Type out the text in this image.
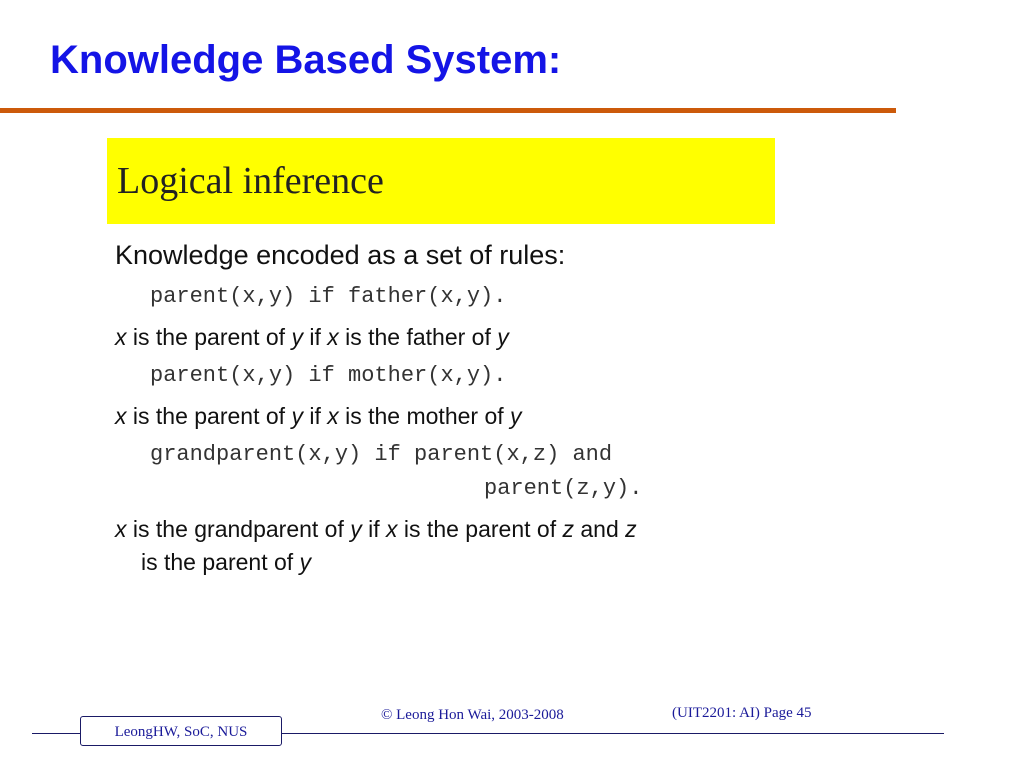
Knowledge Based System:
Logical inference
Knowledge encoded as a set of rules:
parent(x,y) if father(x,y).
x is the parent of y if x is the father of y
parent(x,y) if mother(x,y).
x is the parent of y if x is the mother of y
grandparent(x,y) if parent(x,z) and
parent(z,y).
x is the grandparent of y if x is the parent of z and z
is the parent of y
LeongHW, SoC, NUS
© Leong Hon Wai, 2003-2008	(UIT2201: AI) Page 45
